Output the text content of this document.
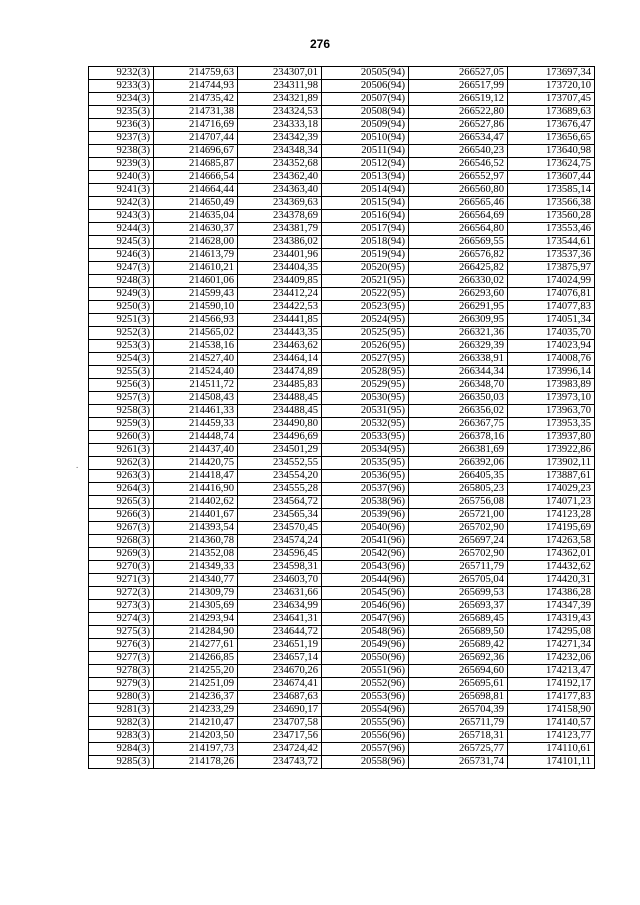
276
.
9232(3)	214759,63	234307,01	20505(94)	266527,05	173697,34
9233(3)	214744,93	234311,98	20506(94)	266517,99	173720,10
9234(3)	214735,42	234321,89	20507(94)	266519,12	173707,45
9235(3)	214731,38	234324,53	20508(94)	266522,80	173689,63
9236(3)	214716,69	234333,18	20509(94)	266527,86	173676,47
9237(3)	214707,44	234342,39	20510(94)	266534,47	173656,65
9238(3)	214696,67	234348,34	20511(94)	266540,23	173640,98
9239(3)	214685,87	234352,68	20512(94)	266546,52	173624,75
9240(3)	214666,54	234362,40	20513(94)	266552,97	173607,44
9241(3)	214664,44	234363,40	20514(94)	266560,80	173585,14
9242(3)	214650,49	234369,63	20515(94)	266565,46	173566,38
9243(3)	214635,04	234378,69	20516(94)	266564,69	173560,28
9244(3)	214630,37	234381,79	20517(94)	266564,80	173553,46
9245(3)	214628,00	234386,02	20518(94)	266569,55	173544,61
9246(3)	214613,79	234401,96	20519(94)	266576,82	173537,36
9247(3)	214610,21	234404,35	20520(95)	266425,82	173875,97
9248(3)	214601,06	234409,85	20521(95)	266330,02	174024,99
9249(3)	214599,43	234412,24	20522(95)	266293,60	174076,81
9250(3)	214590,10	234422,53	20523(95)	266291,95	174077,83
9251(3)	214566,93	234441,85	20524(95)	266309,95	174051,34
9252(3)	214565,02	234443,35	20525(95)	266321,36	174035,70
9253(3)	214538,16	234463,62	20526(95)	266329,39	174023,94
9254(3)	214527,40	234464,14	20527(95)	266338,91	174008,76
9255(3)	214524,40	234474,89	20528(95)	266344,34	173996,14
9256(3)	214511,72	234485,83	20529(95)	266348,70	173983,89
9257(3)	214508,43	234488,45	20530(95)	266350,03	173973,10
9258(3)	214461,33	234488,45	20531(95)	266356,02	173963,70
9259(3)	214459,33	234490,80	20532(95)	266367,75	173953,35
9260(3)	214448,74	234496,69	20533(95)	266378,16	173937,80
9261(3)	214437,40	234501,29	20534(95)	266381,69	173922,86
9262(3)	214420,75	234552,55	20535(95)	266392,06	173902,11
9263(3)	214418,47	234554,20	20536(95)	266405,35	173887,61
9264(3)	214416,90	234555,28	20537(96)	265805,23	174029,23
9265(3)	214402,62	234564,72	20538(96)	265756,08	174071,23
9266(3)	214401,67	234565,34	20539(96)	265721,00	174123,28
9267(3)	214393,54	234570,45	20540(96)	265702,90	174195,69
9268(3)	214360,78	234574,24	20541(96)	265697,24	174263,58
9269(3)	214352,08	234596,45	20542(96)	265702,90	174362,01
9270(3)	214349,33	234598,31	20543(96)	265711,79	174432,62
9271(3)	214340,77	234603,70	20544(96)	265705,04	174420,31
9272(3)	214309,79	234631,66	20545(96)	265699,53	174386,28
9273(3)	214305,69	234634,99	20546(96)	265693,37	174347,39
9274(3)	214293,94	234641,31	20547(96)	265689,45	174319,43
9275(3)	214284,90	234644,72	20548(96)	265689,50	174295,08
9276(3)	214277,61	234651,19	20549(96)	265689,42	174271,34
9277(3)	214266,85	234657,14	20550(96)	265692,36	174232,06
9278(3)	214255,20	234670,26	20551(96)	265694,60	174213,47
9279(3)	214251,09	234674,41	20552(96)	265695,61	174192,17
9280(3)	214236,37	234687,63	20553(96)	265698,81	174177,83
9281(3)	214233,29	234690,17	20554(96)	265704,39	174158,90
9282(3)	214210,47	234707,58	20555(96)	265711,79	174140,57
9283(3)	214203,50	234717,56	20556(96)	265718,31	174123,77
9284(3)	214197,73	234724,42	20557(96)	265725,77	174110,61
9285(3)	214178,26	234743,72	20558(96)	265731,74	174101,11
